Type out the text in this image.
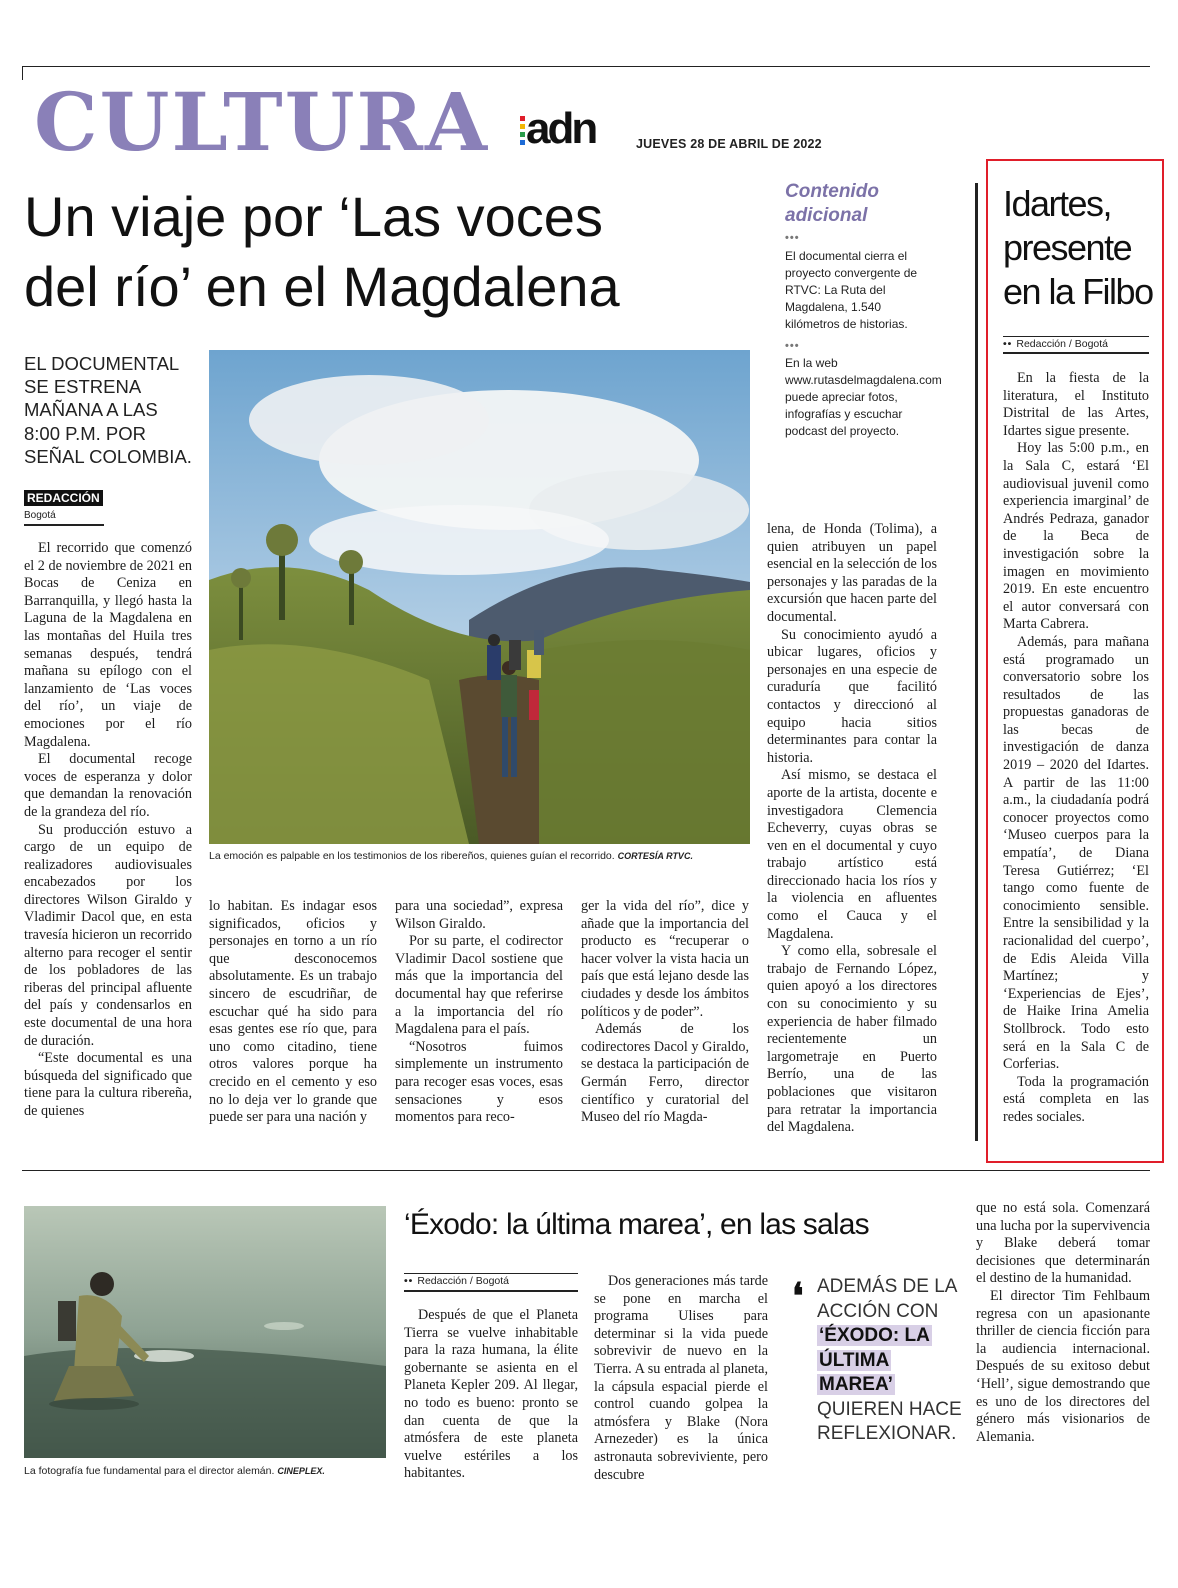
CULTURA adn	JUEVES 28 DE ABRIL DE 2022
Un viaje por ‘Las voces
del río’ en el Magdalena
EL DOCUMENTAL
SE ESTRENA
MAÑANA A LAS
8:00 P.M. POR
SEÑAL COLOMBIA.
REDACCIÓN
Bogotá
La emoción es palpable en los testimonios de los ribereños, quienes guían el recorrido. CORTESÍA RTVC.

El recorrido que comenzó el 2 de noviembre de 2021 en Bocas de Ceniza en Barranquilla, y llegó hasta la Laguna de la Magdalena en las montañas del Huila tres semanas después, tendrá mañana su epílogo con el lanzamiento de ‘Las voces del río’, un viaje de emociones por el río Magdalena.

El documental recoge voces de esperanza y dolor que demandan la renovación de la grandeza del río.

Su producción estuvo a cargo de un equipo de realizadores audiovisuales encabezados por los directores Wilson Giraldo y Vladimir Dacol que, en esta travesía hicieron un recorrido alterno para recoger el sentir de los pobladores de las riberas del principal afluente del país y condensarlos en este documental de una hora de duración.

“Este documental es una búsqueda del significado que tiene para la cultura ribereña, de quienes

lo habitan. Es indagar esos significados, oficios y personajes en torno a un río que desconocemos absolutamente. Es un trabajo sincero de escudriñar, de escuchar qué ha sido para esas gentes ese río que, para uno como citadino, tiene otros valores porque ha crecido en el cemento y eso no lo deja ver lo grande que puede ser para una nación y

para una sociedad”, expresa Wilson Giraldo.

Por su parte, el codirector Vladimir Dacol sostiene que más que la importancia del documental hay que referirse a la importancia del río Magdalena para el país.

“Nosotros fuimos simplemente un instrumento para recoger esas voces, esas sensaciones y esos momentos para reco-

ger la vida del río”, dice y añade que la importancia del producto es “recuperar o hacer volver la vista hacia un país que está lejano desde las ciudades y desde los ámbitos políticos y de poder”.

Además de los codirectores Dacol y Giraldo, se destaca la participación de Germán Ferro, director científico y curatorial del Museo del río Magda-

lena, de Honda (Tolima), a quien atribuyen un papel esencial en la selección de los personajes y las paradas de la excursión que hacen parte del documental.

Su conocimiento ayudó a ubicar lugares, oficios y personajes en una especie de curaduría que facilitó contactos y direccionó al equipo hacia sitios determinantes para contar la historia.

Así mismo, se destaca el aporte de la artista, docente e investigadora Clemencia Echeverry, cuyas obras se ven en el documental y cuyo trabajo artístico está direccionado hacia los ríos y la violencia en afluentes como el Cauca y el Magdalena.

Y como ella, sobresale el trabajo de Fernando López, quien apoyó a los directores con su conocimiento y su experiencia de haber filmado recientemente un largometraje en Puerto Berrío, una de las poblaciones que visitaron para retratar la importancia del Magdalena.

Contenido
adicional
•••
El documental cierra el proyecto convergente de RTVC: La Ruta del Magdalena, 1.540 kilómetros de historias.
•••
En la web www.rutasdelmagdalena.com puede apreciar fotos, infografías y escuchar podcast del proyecto.
Idartes,
presente
en la Filbo
•• Redacción / Bogotá

En la fiesta de la literatura, el Instituto Distrital de las Artes, Idartes sigue presente.

Hoy las 5:00 p.m., en la Sala C, estará ‘El audiovisual juvenil como experiencia imarginal’ de Andrés Pedraza, ganador de la Beca de investigación sobre la imagen en movimiento 2019. En este encuentro el autor conversará con Marta Cabrera.

Además, para mañana está programado un conversatorio sobre los resultados de las propuestas ganadoras de las becas de investigación de danza 2019 – 2020 del Idartes. A partir de las 11:00 a.m., la ciudadanía podrá conocer proyectos como ‘Museo cuerpos para la empatía’, de Diana Teresa Gutiérrez; ‘El tango como fuente de conocimiento sensible. Entre la sensibilidad y la racionalidad del cuerpo’, de Edis Aleida Villa Martínez; y ‘Experiencias de Ejes’, de Haike Irina Amelia Stollbrock. Todo esto será en la Sala C de Corferias.

Toda la programación está completa en las redes sociales.

La fotografía fue fundamental para el director alemán. CINEPLEX.
‘Éxodo: la última marea’, en las salas
•• Redacción / Bogotá

Después de que el Planeta Tierra se vuelve inhabitable para la raza humana, la élite gobernante se asienta en el Planeta Kepler 209. Al llegar, no todo es bueno: pronto se dan cuenta de que la atmósfera de este planeta vuelve estériles a los habitantes.

Dos generaciones más tarde se pone en marcha el programa Ulises para determinar si la vida puede sobrevivir de nuevo en la Tierra. A su entrada al planeta, la cápsula espacial pierde el control cuando golpea la atmósfera y Blake (Nora Arnezeder) es la única astronauta sobreviviente, pero descubre

❛ ADEMÁS DE LA
ACCIÓN CON
‘ÉXODO: LA
ÚLTIMA
MAREA’
QUIEREN HACE
REFLEXIONAR.

que no está sola. Comenzará una lucha por la supervivencia y Blake deberá tomar decisiones que determinarán el destino de la humanidad.

El director Tim Fehlbaum regresa con un apasionante thriller de ciencia ficción para la audiencia internacional. Después de su exitoso debut ‘Hell’, sigue demostrando que es uno de los directores del género más visionarios de Alemania.
